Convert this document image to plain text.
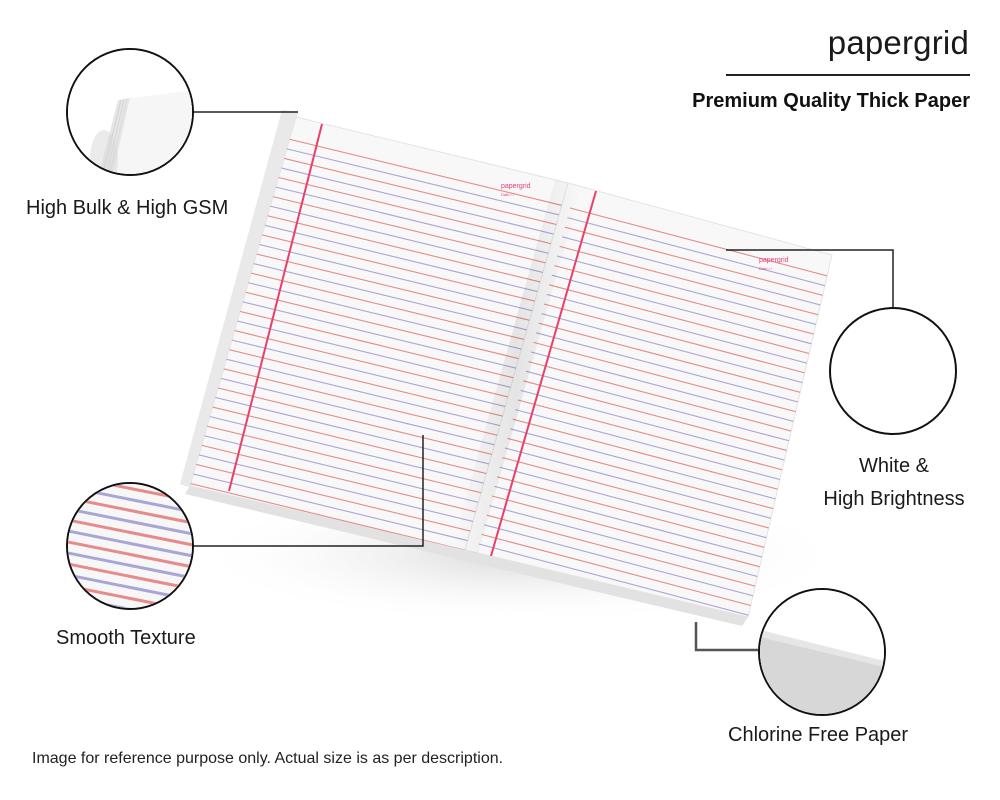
papergrid
Date / /
papergrid
Date / /
papergrid
Premium Quality Thick Paper
High Bulk & High GSM
White &
High Brightness
Smooth Texture
Chlorine Free Paper
Image for reference purpose only. Actual size is as per description.
